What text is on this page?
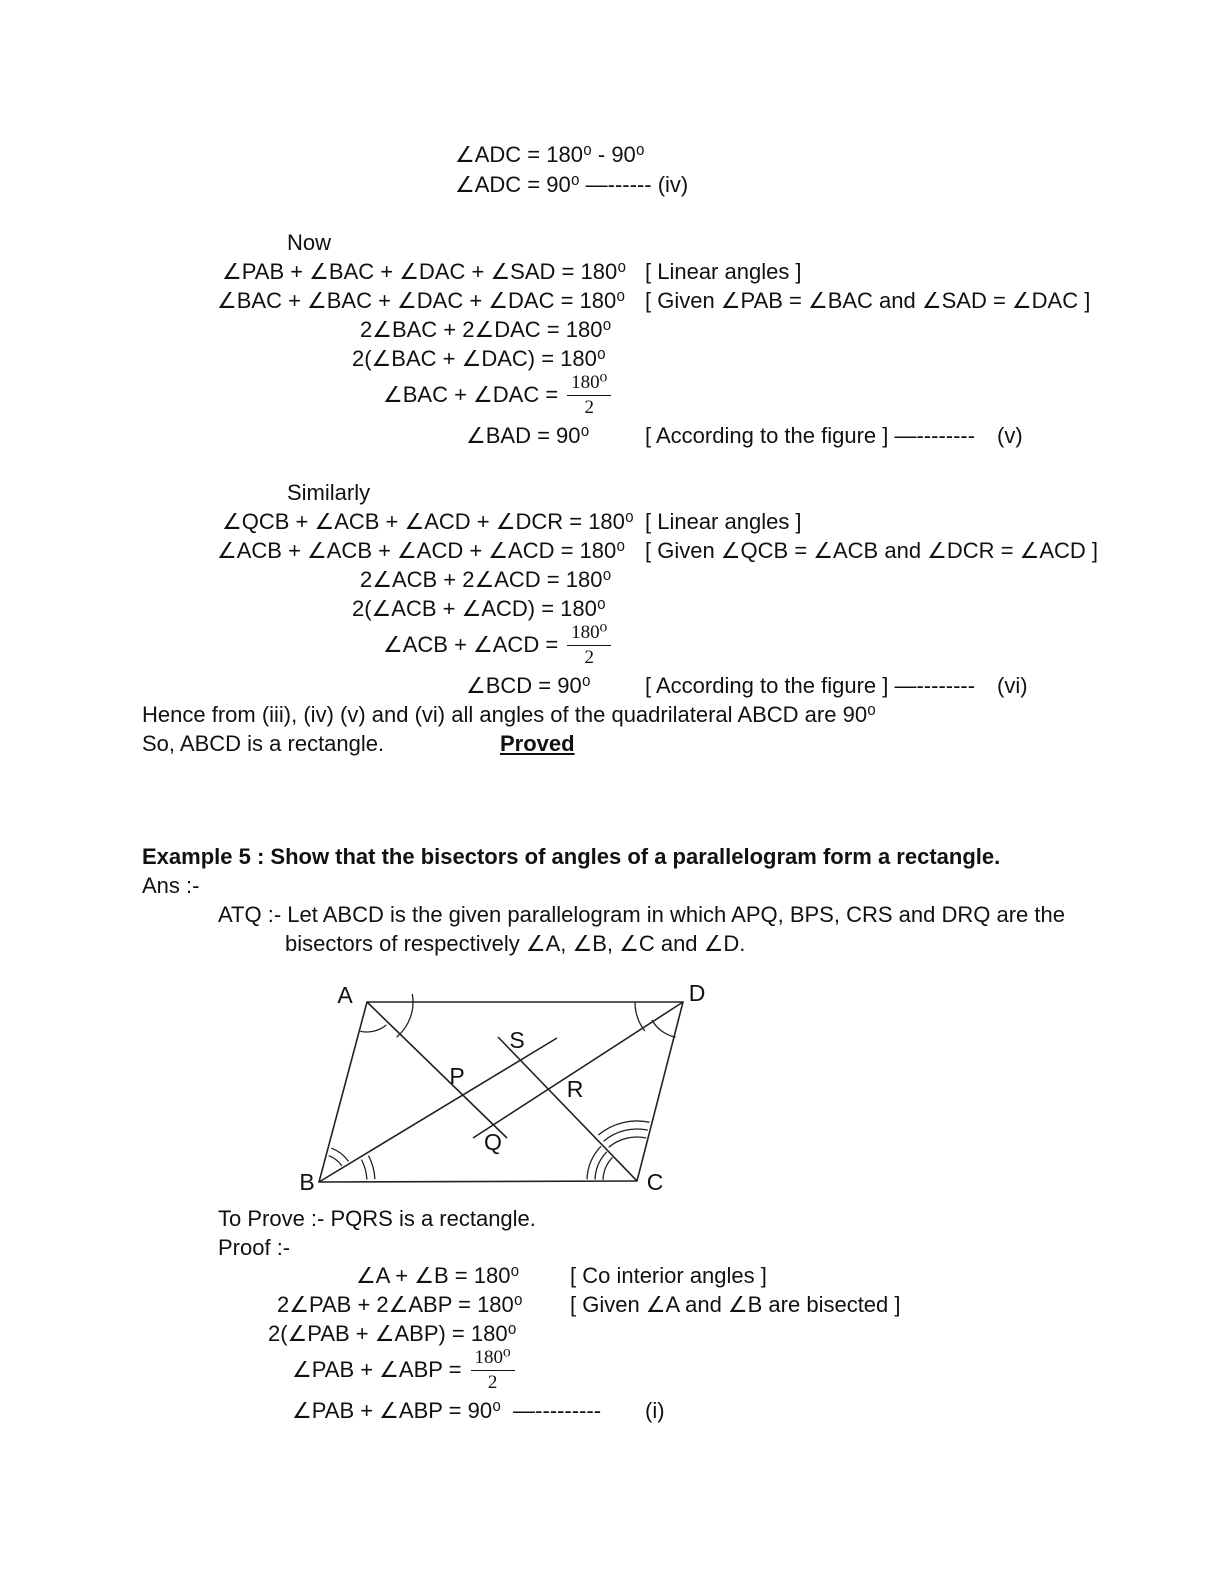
∠ADC = 180⁰ - 90⁰
∠ADC = 90⁰ —------ (iv)
Now
∠PAB + ∠BAC + ∠DAC + ∠SAD = 180⁰ [ Linear angles ]
∠BAC + ∠BAC + ∠DAC + ∠DAC = 180⁰ [ Given ∠PAB = ∠BAC and ∠SAD = ∠DAC ]
2∠BAC + 2∠DAC = 180⁰
2(∠BAC + ∠DAC) = 180⁰
∠BAC + ∠DAC = $\frac{\text{180⁰}}{2}$
∠BAD = 90⁰	[ According to the figure ] —-------- (v)
Similarly
∠QCB + ∠ACB + ∠ACD + ∠DCR = 180⁰ [ Linear angles ]
∠ACB + ∠ACB + ∠ACD + ∠ACD = 180⁰ [ Given ∠QCB = ∠ACB and ∠DCR = ∠ACD ]
2∠ACB + 2∠ACD = 180⁰
2(∠ACB + ∠ACD) = 180⁰
∠ACB + ∠ACD = $\frac{\text{180⁰}}{2}$
∠BCD = 90⁰ [ According to the figure ] —-------- (vi)
Hence from (iii), (iv) (v) and (vi) all angles of the quadrilateral ABCD are 90⁰
So, ABCD is a rectangle.	Proved
Example 5 : Show that the bisectors of angles of a parallelogram form a rectangle.
Ans :-
ATQ :- Let ABCD is the given parallelogram in which APQ, BPS, CRS and DRQ are the
bisectors of respectively ∠A, ∠B, ∠C and ∠D.
A	D
B	C
S
P	R
Q
To Prove :- PQRS is a rectangle.
Proof :-
∠A + ∠B = 180⁰ [ Co interior angles ]
2∠PAB + 2∠ABP = 180⁰ [ Given ∠A and ∠B are bisected ]
2(∠PAB + ∠ABP) = 180⁰
∠PAB + ∠ABP = $\frac{\text{180⁰}}{2}$
∠PAB + ∠ABP = 90⁰  —--------- (i)
